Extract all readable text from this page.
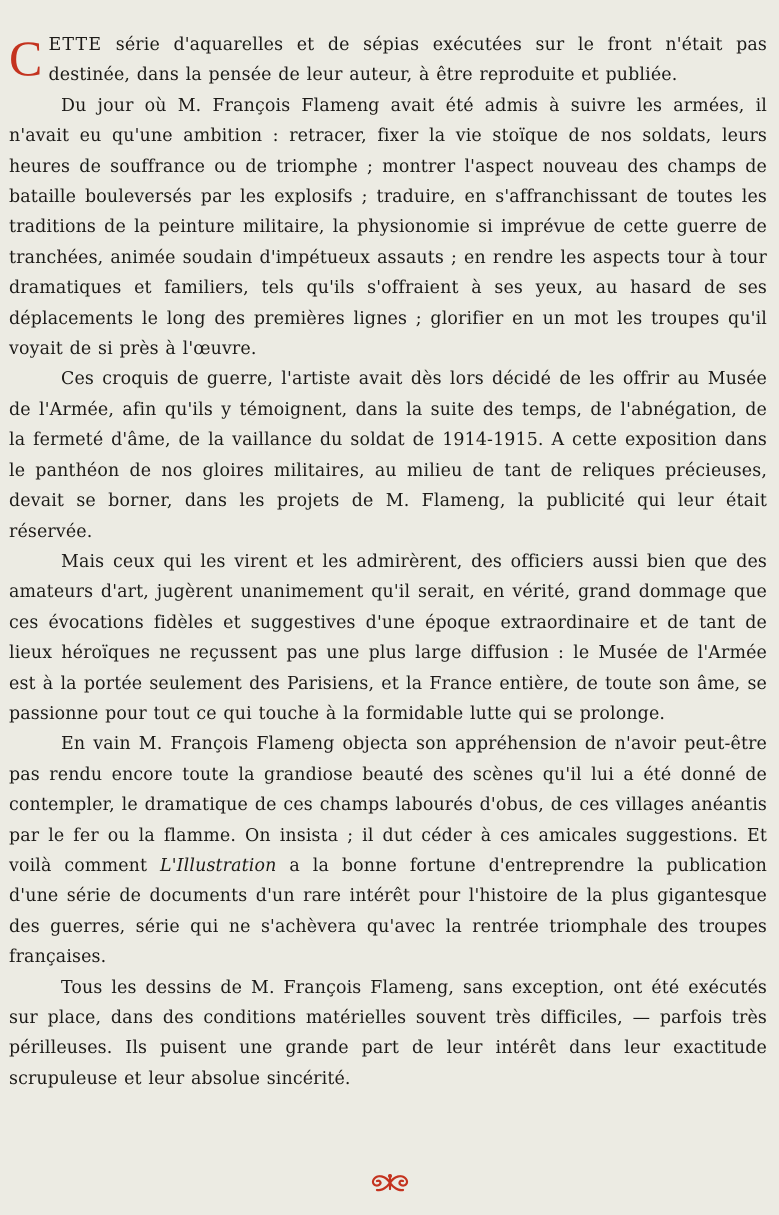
CETTE série d'aquarelles et de sépias exécutées sur le front n'était pas destinée, dans la pensée de leur auteur, à être reproduite et publiée.

Du jour où M. François Flameng avait été admis à suivre les armées, il n'avait eu qu'une ambition : retracer, fixer la vie stoïque de nos soldats, leurs heures de souffrance ou de triomphe ; montrer l'aspect nouveau des champs de bataille bouleversés par les explosifs ; traduire, en s'affranchissant de toutes les traditions de la peinture militaire, la physionomie si imprévue de cette guerre de tranchées, animée soudain d'impétueux assauts ; en rendre les aspects tour à tour dramatiques et familiers, tels qu'ils s'offraient à ses yeux, au hasard de ses déplacements le long des premières lignes ; glorifier en un mot les troupes qu'il voyait de si près à l'œuvre.

Ces croquis de guerre, l'artiste avait dès lors décidé de les offrir au Musée de l'Armée, afin qu'ils y témoignent, dans la suite des temps, de l'abnégation, de la fermeté d'âme, de la vaillance du soldat de 1914-1915. A cette exposition dans le panthéon de nos gloires militaires, au milieu de tant de reliques précieuses, devait se borner, dans les projets de M. Flameng, la publicité qui leur était réservée.

Mais ceux qui les virent et les admirèrent, des officiers aussi bien que des amateurs d'art, jugèrent unanimement qu'il serait, en vérité, grand dommage que ces évocations fidèles et suggestives d'une époque extraordinaire et de tant de lieux héroïques ne reçussent pas une plus large diffusion : le Musée de l'Armée est à la portée seulement des Parisiens, et la France entière, de toute son âme, se passionne pour tout ce qui touche à la formidable lutte qui se prolonge.

En vain M. François Flameng objecta son appréhension de n'avoir peut-être pas rendu encore toute la grandiose beauté des scènes qu'il lui a été donné de contempler, le dramatique de ces champs labourés d'obus, de ces villages anéantis par le fer ou la flamme. On insista ; il dut céder à ces amicales suggestions. Et voilà comment L'Illustration a la bonne fortune d'entreprendre la publication d'une série de documents d'un rare intérêt pour l'histoire de la plus gigantesque des guerres, série qui ne s'achèvera qu'avec la rentrée triomphale des troupes françaises.

Tous les dessins de M. François Flameng, sans exception, ont été exécutés sur place, dans des conditions matérielles souvent très difficiles, — parfois très périlleuses. Ils puisent une grande part de leur intérêt dans leur exactitude scrupuleuse et leur absolue sincérité.
